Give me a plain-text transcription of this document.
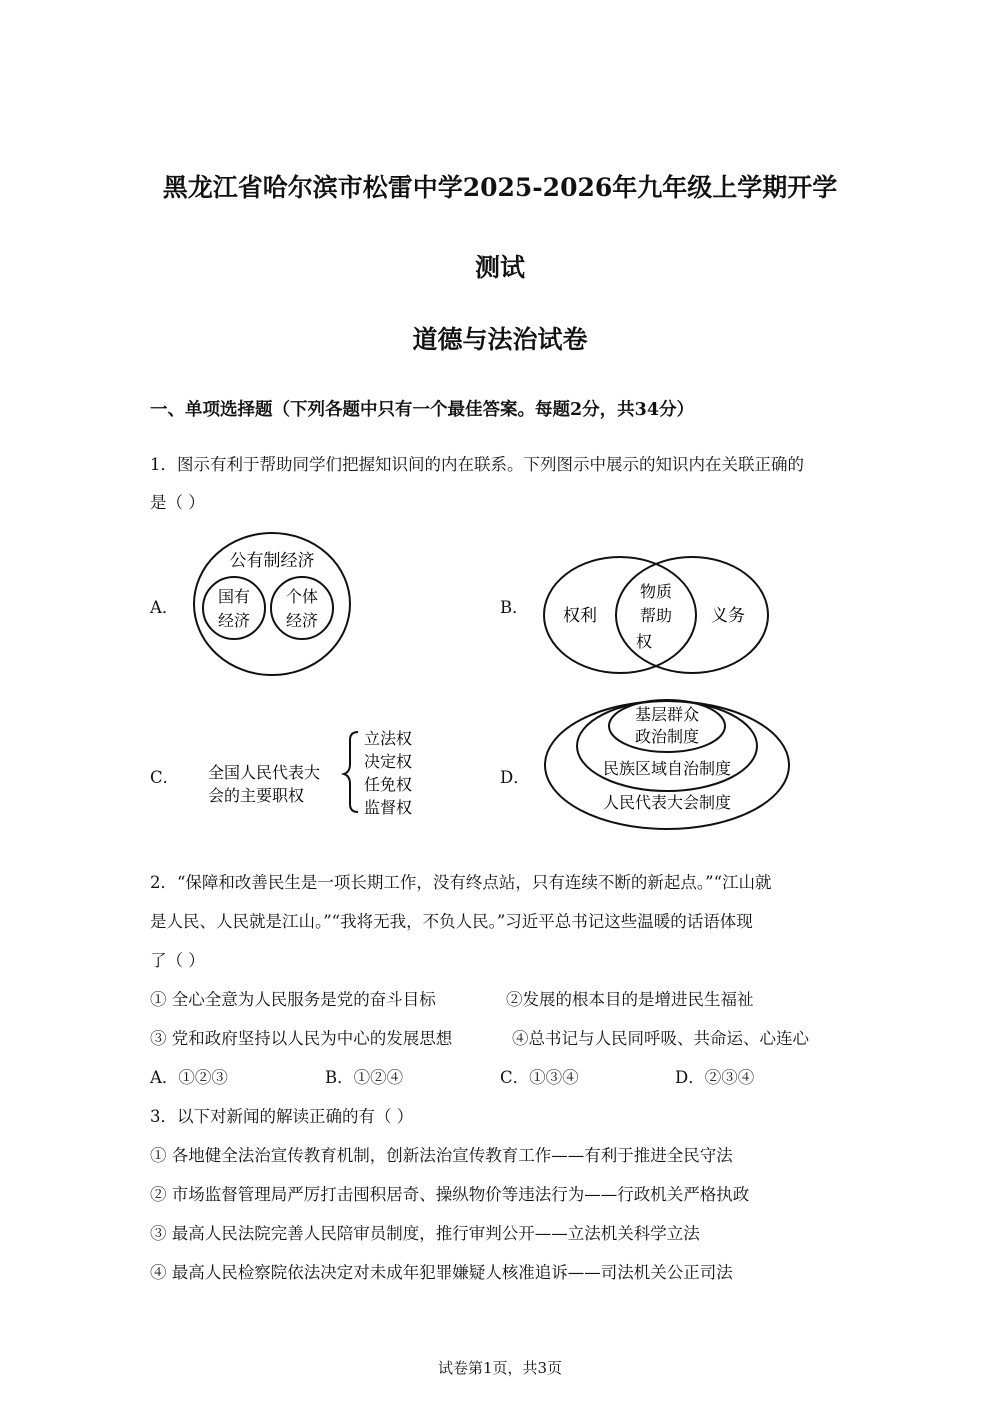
黑龙江省哈尔滨市松雷中学2025-2026年九年级上学期开学
测试
道德与法治试卷
一、单项选择题（下列各题中只有一个最佳答案。每题2分，共34分）
1．图示有利于帮助同学们把握知识间的内在联系。下列图示中展示的知识内在关联正确的
是（ ）
A．
公有制经济
国有
经济
个体
经济
B． 权利
物质
帮助
权
义务
C． 全国人民代表大
会的主要职权
立法权
决定权
任免权
监督权
D．
基层群众
政治制度
民族区域自治制度
人民代表大会制度
2．“保障和改善民生是一项长期工作，没有终点站，只有连续不断的新起点。”“江山就
是人民、人民就是江山。”“我将无我，不负人民。”习近平总书记这些温暖的话语体现
了（ ）
① 全心全意为人民服务是党的奋斗目标	②发展的根本目的是增进民生福祉
③ 党和政府坚持以人民为中心的发展思想	④总书记与人民同呼吸、共命运、心连心
A．①②③	B．①②④	C．①③④	D．②③④
3．以下对新闻的解读正确的有（ ）
① 各地健全法治宣传教育机制，创新法治宣传教育工作——有利于推进全民守法
② 市场监督管理局严厉打击囤积居奇、操纵物价等违法行为——行政机关严格执政
③ 最高人民法院完善人民陪审员制度，推行审判公开——立法机关科学立法
④ 最高人民检察院依法决定对未成年犯罪嫌疑人核准追诉——司法机关公正司法
试卷第1页，共3页
